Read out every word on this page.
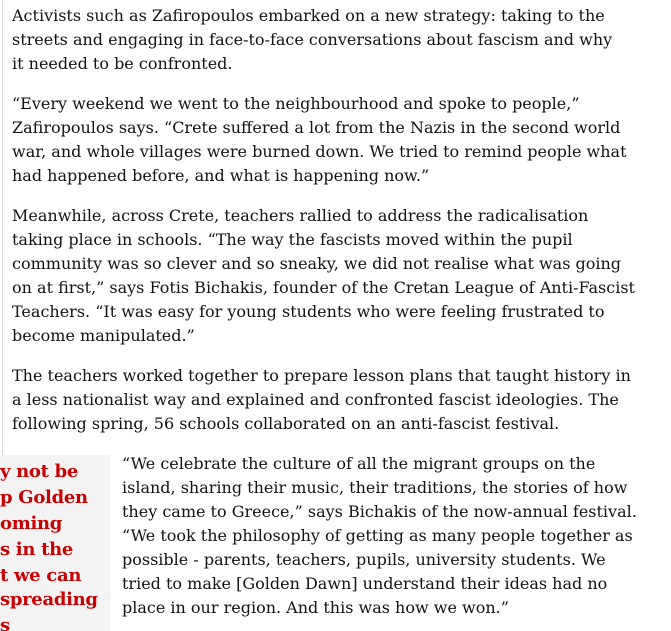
Activists such as Zafiropoulos embarked on a new strategy: taking to the streets and engaging in face-to-face conversations about fascism and why it needed to be confronted.

“Every weekend we went to the neighbourhood and spoke to people,” Zafiropoulos says. “Crete suffered a lot from the Nazis in the second world war, and whole villages were burned down. We tried to remind people what had happened before, and what is happening now.”

Meanwhile, across Crete, teachers rallied to address the radicalisation taking place in schools. “The way the fascists moved within the pupil community was so clever and so sneaky, we did not realise what was going on at first,” says Fotis Bichakis, founder of the Cretan League of Anti-Fascist Teachers. “It was easy for young students who were feeling frustrated to become manipulated.”

The teachers worked together to prepare lesson plans that taught history in a less nationalist way and explained and confronted fascist ideologies. The following spring, 56 schools collaborated on an anti-fascist festival.

y not be
p Golden
oming
s in the
t we can
spreading
s

“We celebrate the culture of all the migrant groups on the island, sharing their music, their traditions, the stories of how they came to Greece,” says Bichakis of the now-annual festival. “We took the philosophy of getting as many people together as possible - parents, teachers, pupils, university students. We tried to make [Golden Dawn] understand their ideas had no place in our region. And this was how we won.”
